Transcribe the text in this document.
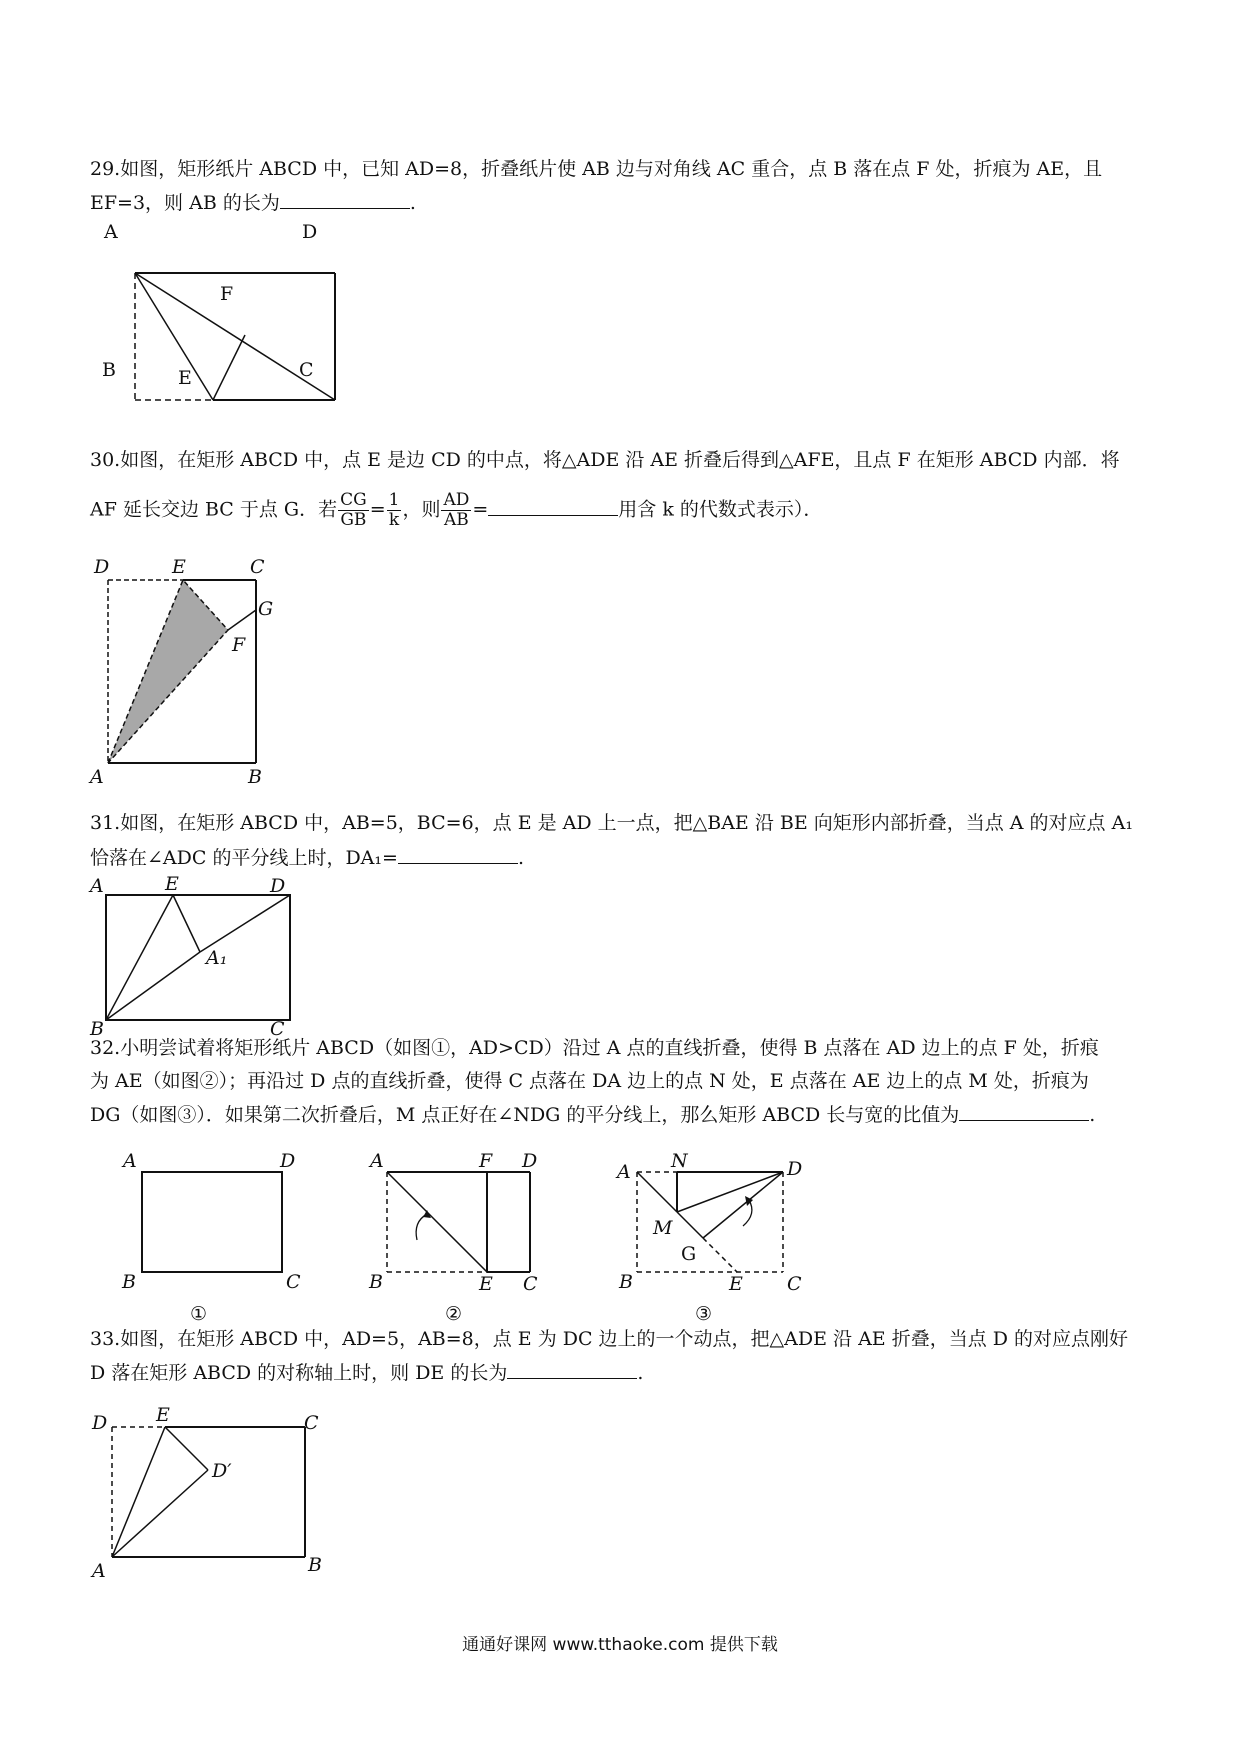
29.如图，矩形纸片 ABCD 中，已知 AD=8，折叠纸片使 AB 边与对角线 AC 重合，点 B 落在点 F 处，折痕为 AE，且
EF=3，则 AB 的长为	.
A	D
F
B	E	C
30.如图，在矩形 ABCD 中，点 E 是边 CD 的中点，将△ADE 沿 AE 折叠后得到△AFE，且点 F 在矩形 ABCD 内部．将
AF 延长交边 BC 于点 G．若 $\frac{CG}{GB} = \frac{1}{k}$ ，则 $\frac{AD}{AB}$ =	用含 k 的代数式表示）．
D	E	C
G
F
A	B
31.如图，在矩形 ABCD 中，AB=5，BC=6，点 E 是 AD 上一点，把△BAE 沿 BE 向矩形内部折叠，当点 A 的对应点 A₁
恰落在∠ADC 的平分线上时，DA₁=	.
A	E	D
A₁
B	C
32.小明尝试着将矩形纸片 ABCD（如图①，AD>CD）沿过 A 点的直线折叠，使得 B 点落在 AD 边上的点 F 处，折痕
为 AE（如图②）；再沿过 D 点的直线折叠，使得 C 点落在 DA 边上的点 N 处，E 点落在 AE 边上的点 M 处，折痕为
DG（如图③）．如果第二次折叠后，M 点正好在∠NDG 的平分线上，那么矩形 ABCD 长与宽的比值为	.
A	D
B	C
①
A	F D
B	E C
②
A N	D
M
G
B	E C
③
33.如图，在矩形 ABCD 中，AD=5，AB=8，点 E 为 DC 边上的一个动点，把△ADE 沿 AE 折叠，当点 D 的对应点刚好
D 落在矩形 ABCD 的对称轴上时，则 DE 的长为	.
D	E	C
D′
A	B
通通好课网 www.tthaoke.com 提供下载
